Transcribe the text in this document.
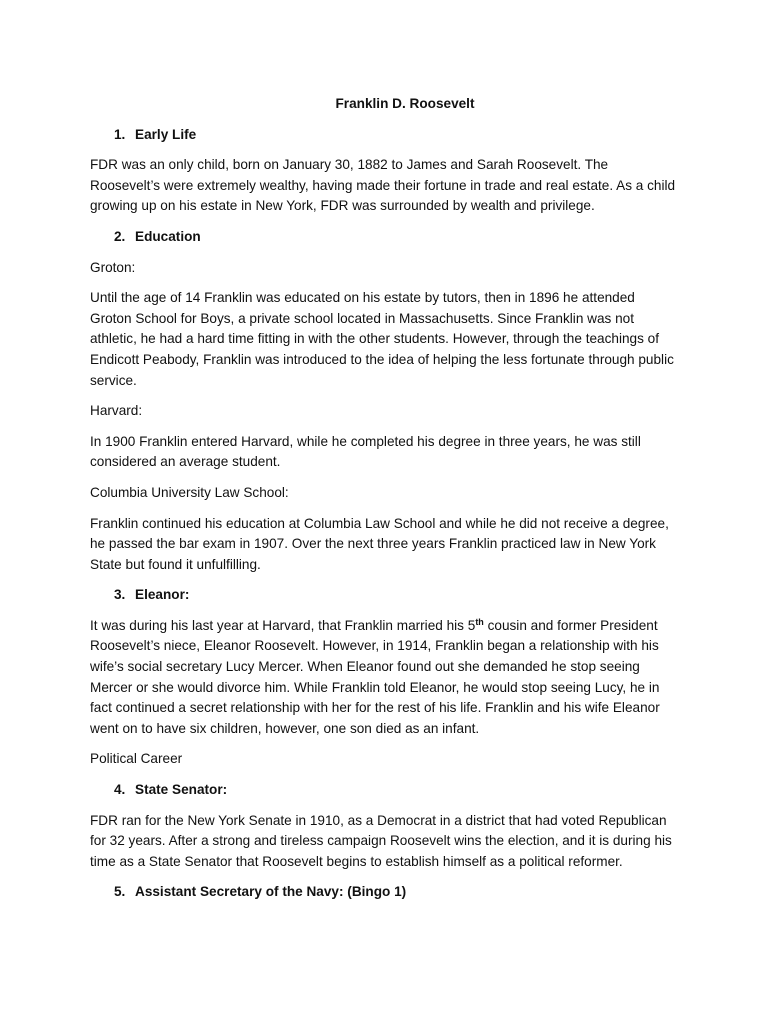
Franklin D. Roosevelt
1. Early Life

FDR was an only child, born on January 30, 1882 to James and Sarah Roosevelt. The Roosevelt’s were extremely wealthy, having made their fortune in trade and real estate. As a child growing up on his estate in New York, FDR was surrounded by wealth and privilege.

2. Education
Groton:

Until the age of 14 Franklin was educated on his estate by tutors, then in 1896 he attended Groton School for Boys, a private school located in Massachusetts. Since Franklin was not athletic, he had a hard time fitting in with the other students. However, through the teachings of Endicott Peabody, Franklin was introduced to the idea of helping the less fortunate through public service.

Harvard:

In 1900 Franklin entered Harvard, while he completed his degree in three years, he was still considered an average student.

Columbia University Law School:

Franklin continued his education at Columbia Law School and while he did not receive a degree, he passed the bar exam in 1907. Over the next three years Franklin practiced law in New York State but found it unfulfilling.

3. Eleanor:

It was during his last year at Harvard, that Franklin married his 5th cousin and former President Roosevelt’s niece, Eleanor Roosevelt. However, in 1914, Franklin began a relationship with his wife’s social secretary Lucy Mercer. When Eleanor found out she demanded he stop seeing Mercer or she would divorce him. While Franklin told Eleanor, he would stop seeing Lucy, he in fact continued a secret relationship with her for the rest of his life. Franklin and his wife Eleanor went on to have six children, however, one son died as an infant.

Political Career
4. State Senator:

FDR ran for the New York Senate in 1910, as a Democrat in a district that had voted Republican for 32 years. After a strong and tireless campaign Roosevelt wins the election, and it is during his time as a State Senator that Roosevelt begins to establish himself as a political reformer.

5. Assistant Secretary of the Navy: (Bingo 1)
